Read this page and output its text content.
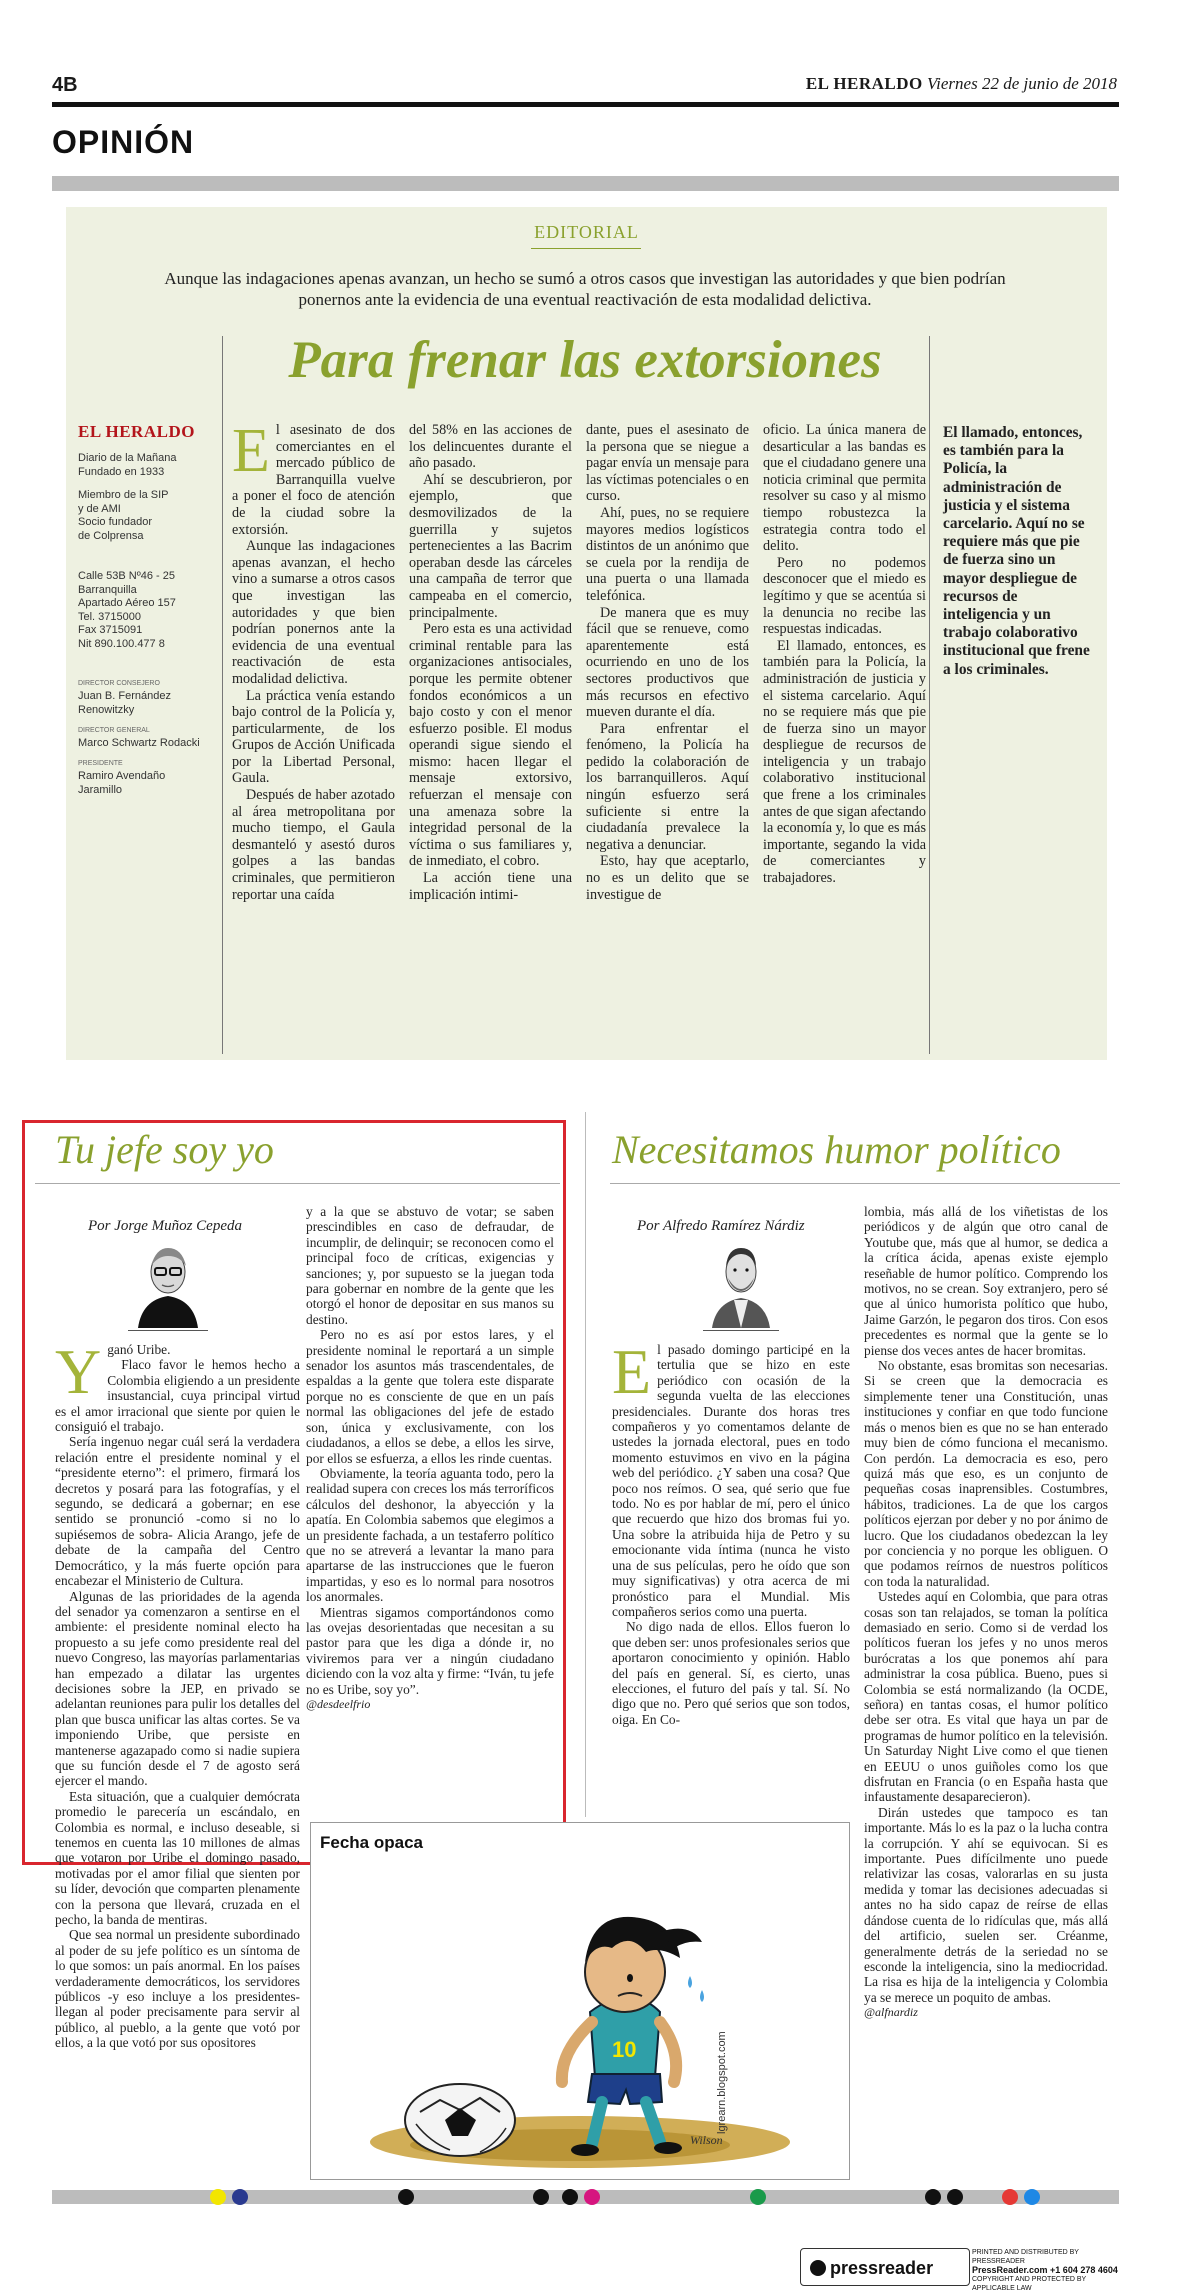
4B	EL HERALDO Viernes 22 de junio de 2018
OPINIÓN
EDITORIAL
Aunque las indagaciones apenas avanzan, un hecho se sumó a otros casos que investigan las autoridades y que bien podrían ponernos ante la evidencia de una eventual reactivación de esta modalidad delictiva.
Para frenar las extorsiones
EL HERALDO
Diario de la Mañana
Fundado en 1933
Miembro de la SIP
y de AMI
Socio fundador
de Colprensa
Calle 53B Nº46 - 25
Barranquilla
Apartado Aéreo 157
Tel. 3715000
Fax 3715091
Nit 890.100.477 8
DIRECTOR CONSEJERO
Juan B. Fernández Renowitzky
DIRECTOR GENERAL
Marco Schwartz Rodacki
PRESIDENTE
Ramiro Avendaño Jaramillo
E l asesinato de dos comerciantes en el mercado público de Barranquilla vuelve a poner el foco de atención de la ciudad sobre la extorsión.

Aunque las indagaciones apenas avanzan, el hecho vino a sumarse a otros casos que investigan las autoridades y que bien podrían ponernos ante la evidencia de una eventual reactivación de esta modalidad delictiva.

La práctica venía estando bajo control de la Policía y, particularmente, de los Grupos de Acción Unificada por la Libertad Personal, Gaula.

Después de haber azotado al área metropolitana por mucho tiempo, el Gaula desmanteló y asestó duros golpes a las bandas criminales, que permitieron reportar una caída

del 58% en las acciones de los delincuentes durante el año pasado.

Ahí se descubrieron, por ejemplo, que desmovilizados de la guerrilla y sujetos pertenecientes a las Bacrim operaban desde las cárceles una campaña de terror que campeaba en el comercio, principalmente.

Pero esta es una actividad criminal rentable para las organizaciones antisociales, porque les permite obtener fondos económicos a un bajo costo y con el menor esfuerzo posible. El modus operandi sigue siendo el mismo: hacen llegar el mensaje extorsivo, refuerzan el mensaje con una amenaza sobre la integridad personal de la víctima o sus familiares y, de inmediato, el cobro.

La acción tiene una implicación intimi-

dante, pues el asesinato de la persona que se niegue a pagar envía un mensaje para las víctimas potenciales o en curso.

Ahí, pues, no se requiere mayores medios logísticos distintos de un anónimo que se cuela por la rendija de una puerta o una llamada telefónica.

De manera que es muy fácil que se renueve, como aparentemente está ocurriendo en uno de los sectores productivos que más recursos en efectivo mueven durante el día.

Para enfrentar el fenómeno, la Policía ha pedido la colaboración de los barranquilleros. Aquí ningún esfuerzo será suficiente si entre la ciudadanía prevalece la negativa a denunciar.

Esto, hay que aceptarlo, no es un delito que se investigue de

oficio. La única manera de desarticular a las bandas es que el ciudadano genere una noticia criminal que permita resolver su caso y al mismo tiempo robustezca la estrategia contra todo el delito.

Pero no podemos desconocer que el miedo es legítimo y que se acentúa si la denuncia no recibe las respuestas indicadas.

El llamado, entonces, es también para la Policía, la administración de justicia y el sistema carcelario. Aquí no se requiere más que pie de fuerza sino un mayor despliegue de recursos de inteligencia y un trabajo colaborativo institucional que frene a los criminales antes de que sigan afectando la economía y, lo que es más importante, segando la vida de comerciantes y trabajadores.

El llamado, entonces, es también para la Policía, la administración de justicia y el sistema carcelario. Aquí no se requiere más que pie de fuerza sino un mayor despliegue de recursos de inteligencia y un trabajo colaborativo institucional que frene a los criminales.
Tu jefe soy yo
Por Jorge Muñoz Cepeda
Y ganó Uribe.

Flaco favor le hemos hecho a Colombia eligiendo a un presidente insustancial, cuya principal virtud es el amor irracional que siente por quien le consiguió el trabajo.

Sería ingenuo negar cuál será la verdadera relación entre el presidente nominal y el “presidente eterno”: el primero, firmará los decretos y posará para las fotografías, y el segundo, se dedicará a gobernar; en ese sentido se pronunció -como si no lo supiésemos de sobra- Alicia Arango, jefe de debate de la campaña del Centro Democrático, y la más fuerte opción para encabezar el Ministerio de Cultura.

Algunas de las prioridades de la agenda del senador ya comenzaron a sentirse en el ambiente: el presidente nominal electo ha propuesto a su jefe como presidente real del nuevo Congreso, las mayorías parlamentarias han empezado a dilatar las urgentes decisiones sobre la JEP, en privado se adelantan reuniones para pulir los detalles del plan que busca unificar las altas cortes. Se va imponiendo Uribe, que persiste en mantenerse agazapado como si nadie supiera que su función desde el 7 de agosto será ejercer el mando.

Esta situación, que a cualquier demócrata promedio le parecería un escándalo, en Colombia es normal, e incluso deseable, si tenemos en cuenta las 10 millones de almas que votaron por Uribe el domingo pasado, motivadas por el amor filial que sienten por su líder, devoción que comparten plenamente con la persona que llevará, cruzada en el pecho, la banda de mentiras.

Que sea normal un presidente subordinado al poder de su jefe político es un síntoma de lo que somos: un país anormal. En los países verdaderamente democráticos, los servidores públicos -y eso incluye a los presidentes- llegan al poder precisamente para servir al público, al pueblo, a la gente que votó por ellos, a la que votó por sus opositores

y a la que se abstuvo de votar; se saben prescindibles en caso de defraudar, de incumplir, de delinquir; se reconocen como el principal foco de críticas, exigencias y sanciones; y, por supuesto se la juegan toda para gobernar en nombre de la gente que les otorgó el honor de depositar en sus manos su destino.

Pero no es así por estos lares, y el presidente nominal le reportará a un simple senador los asuntos más trascendentales, de espaldas a la gente que tolera este disparate porque no es consciente de que en un país normal las obligaciones del jefe de estado son, única y exclusivamente, con los ciudadanos, a ellos se debe, a ellos les sirve, por ellos se esfuerza, a ellos les rinde cuentas.

Obviamente, la teoría aguanta todo, pero la realidad supera con creces los más terroríficos cálculos del deshonor, la abyección y la apatía. En Colombia sabemos que elegimos a un presidente fachada, a un testaferro político que no se atreverá a levantar la mano para apartarse de las instrucciones que le fueron impartidas, y eso es lo normal para nosotros los anormales.

Mientras sigamos comportándonos como las ovejas desorientadas que necesitan a su pastor para que les diga a dónde ir, no viviremos para ver a ningún ciudadano diciendo con la voz alta y firme: “Iván, tu jefe no es Uribe, soy yo”.

@desdeelfrio

Necesitamos humor político
Por Alfredo Ramírez Nárdiz
E l pasado domingo participé en la tertulia que se hizo en este periódico con ocasión de la segunda vuelta de las elecciones presidenciales. Durante dos horas tres compañeros y yo comentamos delante de ustedes la jornada electoral, pues en todo momento estuvimos en vivo en la página web del periódico. ¿Y saben una cosa? Que poco nos reímos. O sea, qué serio que fue todo. No es por hablar de mí, pero el único que recuerdo que hizo dos bromas fui yo. Una sobre la atribuida hija de Petro y su emocionante vida íntima (nunca he visto una de sus películas, pero he oído que son muy significativas) y otra acerca de mi pronóstico para el Mundial. Mis compañeros serios como una puerta.

No digo nada de ellos. Ellos fueron lo que deben ser: unos profesionales serios que aportaron conocimiento y opinión. Hablo del país en general. Sí, es cierto, unas elecciones, el futuro del país y tal. Sí. No digo que no. Pero qué serios que son todos, oiga. En Co-

lombia, más allá de los viñetistas de los periódicos y de algún que otro canal de Youtube que, más que al humor, se dedica a la crítica ácida, apenas existe ejemplo reseñable de humor político. Comprendo los motivos, no se crean. Soy extranjero, pero sé que al único humorista político que hubo, Jaime Garzón, le pegaron dos tiros. Con esos precedentes es normal que la gente se lo piense dos veces antes de hacer bromitas.

No obstante, esas bromitas son necesarias. Si se creen que la democracia es simplemente tener una Constitución, unas instituciones y confiar en que todo funcione más o menos bien es que no se han enterado muy bien de cómo funciona el mecanismo. Con perdón. La democracia es eso, pero quizá más que eso, es un conjunto de pequeñas cosas inaprensibles. Costumbres, hábitos, tradiciones. La de que los cargos políticos ejerzan por deber y no por ánimo de lucro. Que los ciudadanos obedezcan la ley por conciencia y no porque les obliguen. O que podamos reírnos de nuestros políticos con toda la naturalidad.

Ustedes aquí en Colombia, que para otras cosas son tan relajados, se toman la política demasiado en serio. Como si de verdad los políticos fueran los jefes y no unos meros burócratas a los que ponemos ahí para administrar la cosa pública. Bueno, pues si Colombia se está normalizando (la OCDE, señora) en tantas cosas, el humor político debe ser otra. Es vital que haya un par de programas de humor político en la televisión. Un Saturday Night Live como el que tienen en EEUU o unos guiñoles como los que disfrutan en Francia (o en España hasta que infaustamente desaparecieron).

Dirán ustedes que tampoco es tan importante. Más lo es la paz o la lucha contra la corrupción. Y ahí se equivocan. Si es importante. Pues difícilmente uno puede relativizar las cosas, valorarlas en su justa medida y tomar las decisiones adecuadas si antes no ha sido capaz de reírse de ellas dándose cuenta de lo ridículas que, más allá del artificio, suelen ser. Créanme, generalmente detrás de la seriedad no se esconde la inteligencia, sino la mediocridad. La risa es hija de la inteligencia y Colombia ya se merece un poquito de ambas.

@alfnardiz

Fecha opaca
10	lgrearn.blogspot.com
Wilson
pressreader
PRINTED AND DISTRIBUTED BY PRESSREADER
PressReader.com +1 604 278 4604
COPYRIGHT AND PROTECTED BY APPLICABLE LAW
